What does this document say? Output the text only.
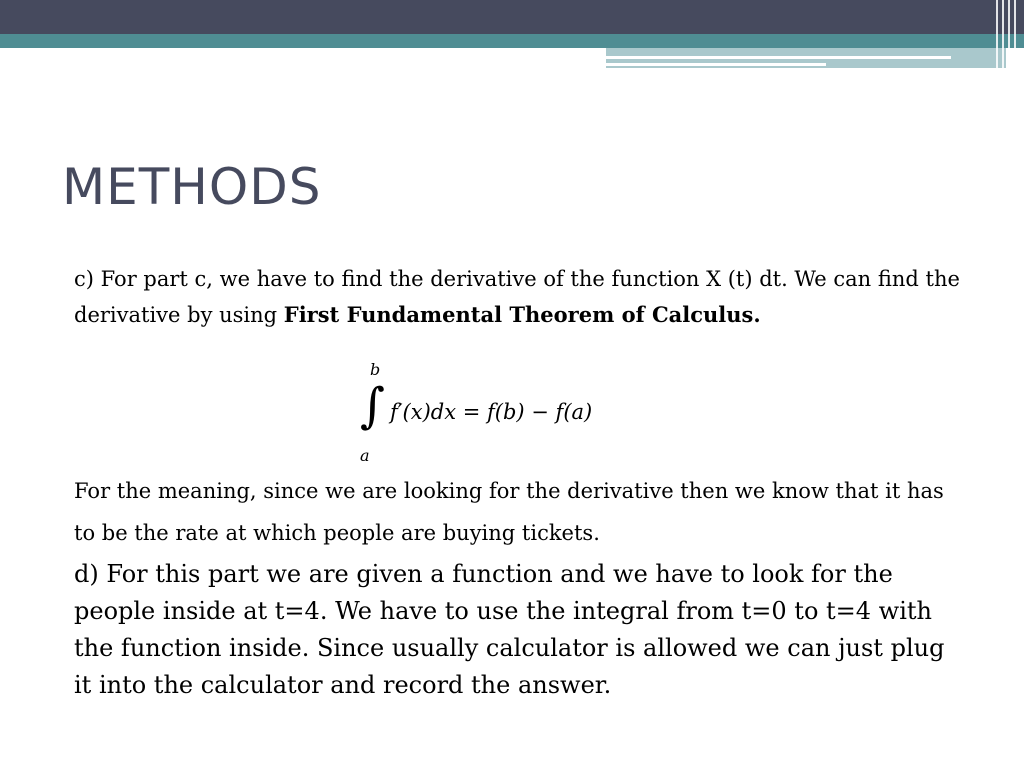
METHODS
c) For part c, we have to find the derivative of the function X (t) dt. We can find the derivative by using First Fundamental Theorem of Calculus.
b
∫
a
f′(x)dx = f(b) − f(a)
For the meaning, since we are looking for the derivative then we know that it has to be the rate at which people are buying tickets.
d) For this part we are given a function and we have to look for the people inside at t=4. We have to use the integral from t=0 to t=4 with the function inside. Since usually calculator is allowed we can just plug it into the calculator and record the answer.
